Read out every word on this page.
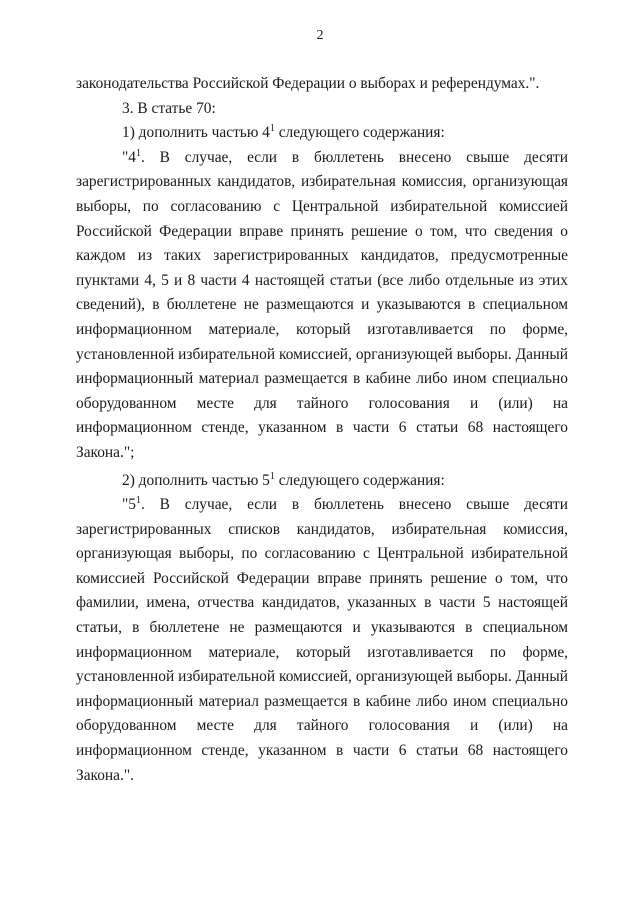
2
законодательства Российской Федерации о выборах и референдумах.".
3. В статье 70:
1) дополнить частью $4^1$ следующего содержания:
"$4^1$. В случае, если в бюллетень внесено свыше десяти
зарегистрированных кандидатов, избирательная комиссия, организующая
выборы, по согласованию с Центральной избирательной комиссией
Российской Федерации вправе принять решение о том, что сведения о
каждом из таких зарегистрированных кандидатов, предусмотренные
пунктами 4, 5 и 8 части 4 настоящей статьи (все либо отдельные из этих
сведений), в бюллетене не размещаются и указываются в специальном
информационном материале, который изготавливается по форме,
установленной избирательной комиссией, организующей выборы. Данный
информационный материал размещается в кабине либо ином специально
оборудованном месте для тайного голосования и (или) на
информационном стенде, указанном в части 6 статьи 68 настоящего
Закона.";
2) дополнить частью $5^1$ следующего содержания:
"$5^1$. В случае, если в бюллетень внесено свыше десяти
зарегистрированных списков кандидатов, избирательная комиссия,
организующая выборы, по согласованию с Центральной избирательной
комиссией Российской Федерации вправе принять решение о том, что
фамилии, имена, отчества кандидатов, указанных в части 5 настоящей
статьи, в бюллетене не размещаются и указываются в специальном
информационном материале, который изготавливается по форме,
установленной избирательной комиссией, организующей выборы. Данный
информационный материал размещается в кабине либо ином специально
оборудованном месте для тайного голосования и (или) на
информационном стенде, указанном в части 6 статьи 68 настоящего
Закона.".
